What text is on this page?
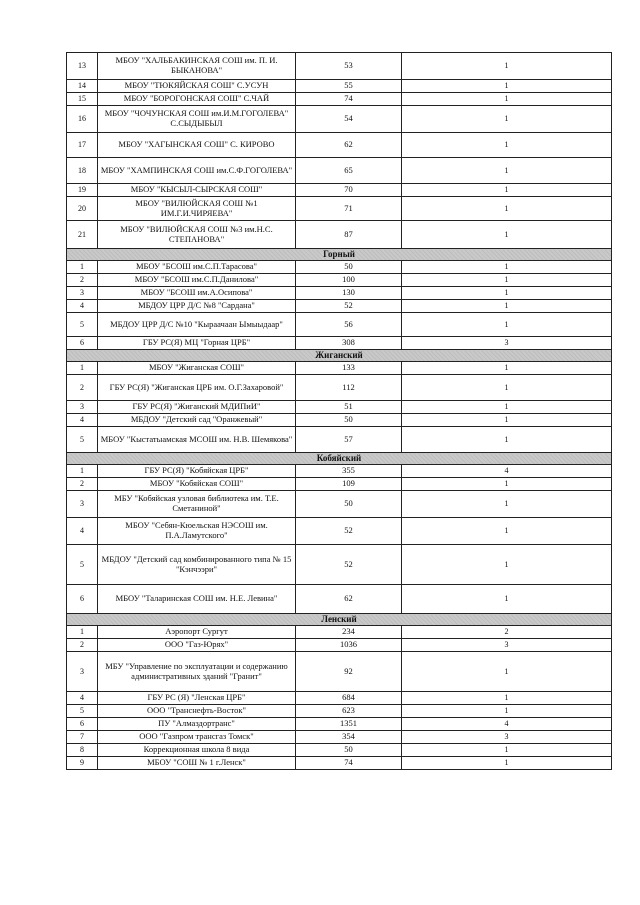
13	МБОУ "ХАЛЬБАКИНСКАЯ СОШ им. П. И. БЫКАНОВА"	53	1
14	МБОУ "ТЮКЯЙСКАЯ СОШ" С.УСУН	55	1
15	МБОУ "БОРОГОНСКАЯ СОШ" С.ЧАЙ	74	1
16	МБОУ "ЧОЧУНСКАЯ СОШ им.И.М.ГОГОЛЕВА" С.СЫДЫБЫЛ	54	1
17	МБОУ "ХАГЫНСКАЯ СОШ" С. КИРОВО	62	1
18	МБОУ "ХАМПИНСКАЯ СОШ им.С.Ф.ГОГОЛЕВА"	65	1
19	МБОУ "КЫСЫЛ-СЫРСКАЯ СОШ"	70	1
20	МБОУ "ВИЛЮЙСКАЯ СОШ №1 ИМ.Г.И.ЧИРЯЕВА"	71	1
21	МБОУ "ВИЛЮЙСКАЯ СОШ №3 им.Н.С. СТЕПАНОВА"	87	1
Горный			
1	МБОУ "БСОШ им.С.П.Тарасова"	50	1
2	МБОУ "БСОШ им.С.П.Данилова"	100	1
3	МБОУ "БСОШ им.А.Осипова"	130	1
4	МБДОУ ЦРР Д/С №8 "Сардана"	52	1
5	МБДОУ ЦРР Д/С №10 "Кыраачаан Ымыыдаар"	56	1
6	ГБУ РС(Я) МЦ "Горная ЦРБ"	308	3
Жиганский			
1	МБОУ "Жиганская СОШ"	133	1
2	ГБУ РС(Я) "Жиганская ЦРБ им. О.Г.Захаровой"	112	1
3	ГБУ РС(Я) "Жиганский МДИПиИ"	51	1
4	МБДОУ "Детский сад "Оранжевый"	50	1
5	МБОУ "Кыстатыамская МСОШ им. Н.В. Шемякова"	57	1
Кобяйский			
1	ГБУ РС(Я) "Кобяйская ЦРБ"	355	4
2	МБОУ "Кобяйская СОШ"	109	1
3	МБУ "Кобяйская узловая библиотека им. Т.Е. Сметаниной"	50	1
4	МБОУ "Себян-Кюельская НЭСОШ им. П.А.Ламутского"	52	1
5	МБДОУ "Детский сад комбинированного типа № 15 "Кэнчээри"	52	1
6	МБОУ "Таларинская СОШ им. Н.Е. Левина"	62	1
Ленский			
1	Аэропорт Сургут	234	2
2	ООО "Газ-Юрях"	1036	3
3	МБУ "Управление по эксплуатации и содержанию административных зданий "Гранит"	92	1
4	ГБУ РС (Я) "Ленская ЦРБ"	684	1
5	ООО "Транснефть-Восток"	623	1
6	ПУ "Алмаздортранс"	1351	4
7	ООО "Газпром трансгаз Томск"	354	3
8	Коррекционная школа 8 вида	50	1
9	МБОУ "СОШ № 1 г.Ленск"	74	1
